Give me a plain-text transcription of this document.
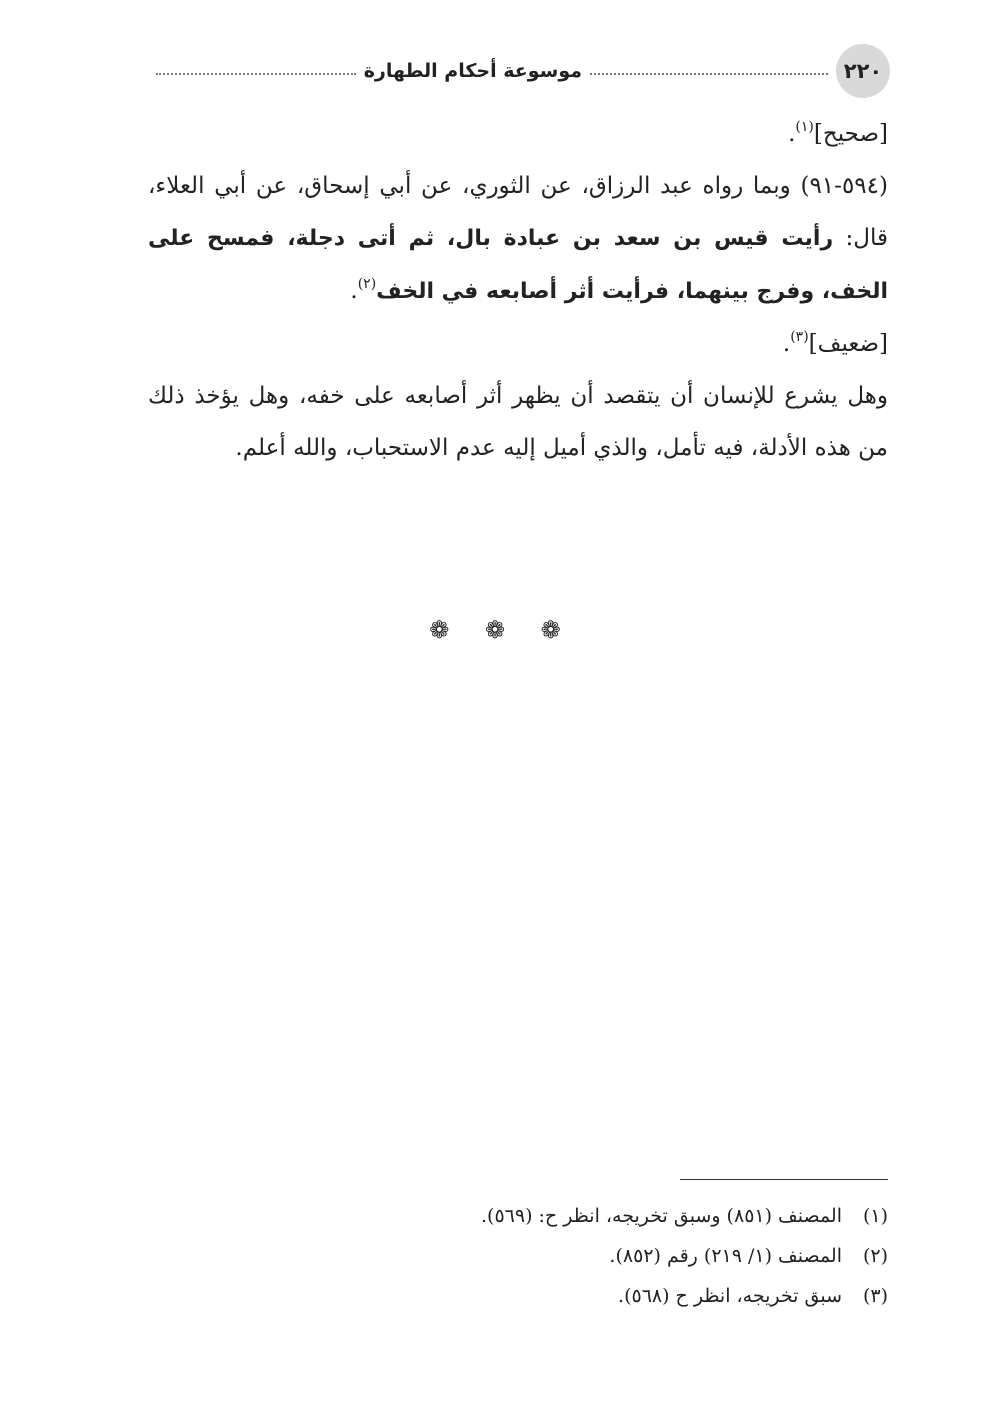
٢٢٠
موسوعة أحكام الطهارة

[صحيح]$^{(١)}$.

(٥٩٤-٩١) وبما رواه عبد الرزاق، عن الثوري، عن أبي إسحاق، عن أبي العلاء، قال: رأيت قيس بن سعد بن عبادة بال، ثم أتى دجلة، فمسح على الخف، وفرج بينهما، فرأيت أثر أصابعه في الخف$^{(٢)}$.

[ضعيف]$^{(٣)}$.

وهل يشرع للإنسان أن يتقصد أن يظهر أثر أصابعه على خفه، وهل يؤخذ ذلك من هذه الأدلة، فيه تأمل، والذي أميل إليه عدم الاستحباب، والله أعلم.

❁ ❁ ❁
(١)
المصنف (٨٥١) وسبق تخريجه، انظر ح: (٥٦٩).
(٢)
المصنف (١/ ٢١٩) رقم (٨٥٢).
(٣)
سبق تخريجه، انظر ح (٥٦٨).
